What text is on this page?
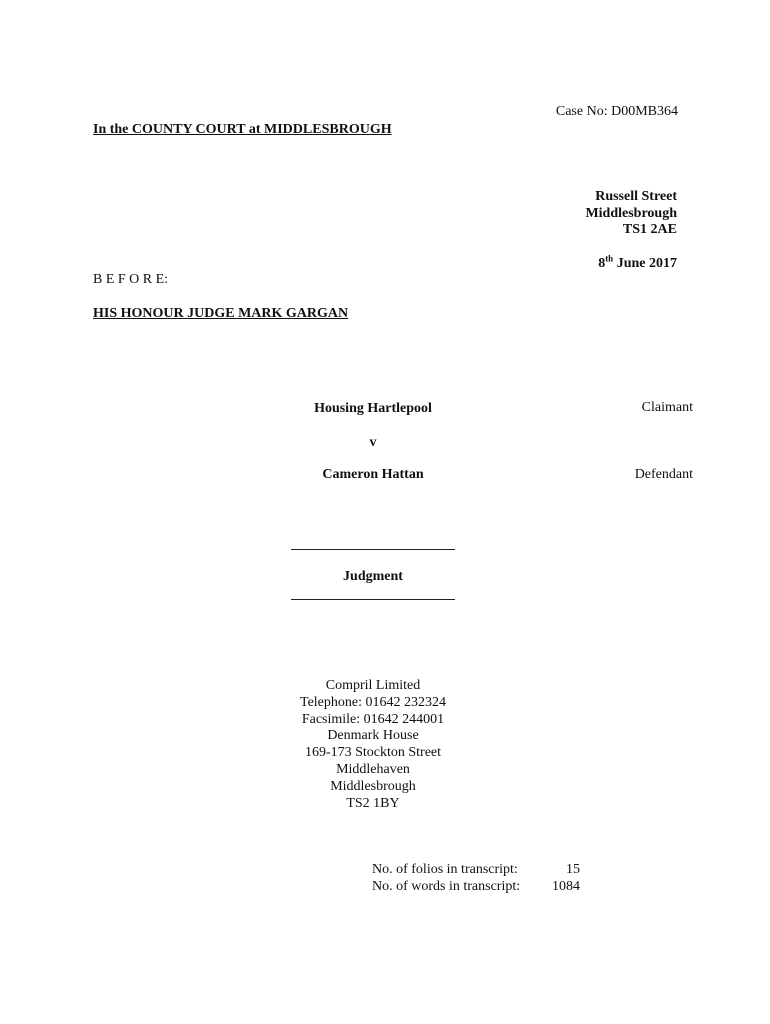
Case No: D00MB364
In the COUNTY COURT at MIDDLESBROUGH
Russell Street
Middlesbrough
TS1 2AE
8th June 2017
B E F O R E:
HIS HONOUR JUDGE MARK GARGAN
Housing Hartlepool	Claimant
v
Cameron Hattan	Defendant
Judgment
Compril Limited
Telephone: 01642 232324
Facsimile: 01642 244001
Denmark House
169-173 Stockton Street
Middlehaven
Middlesbrough
TS2 1BY
No. of folios in transcript:	15
No. of words in transcript: 1084
